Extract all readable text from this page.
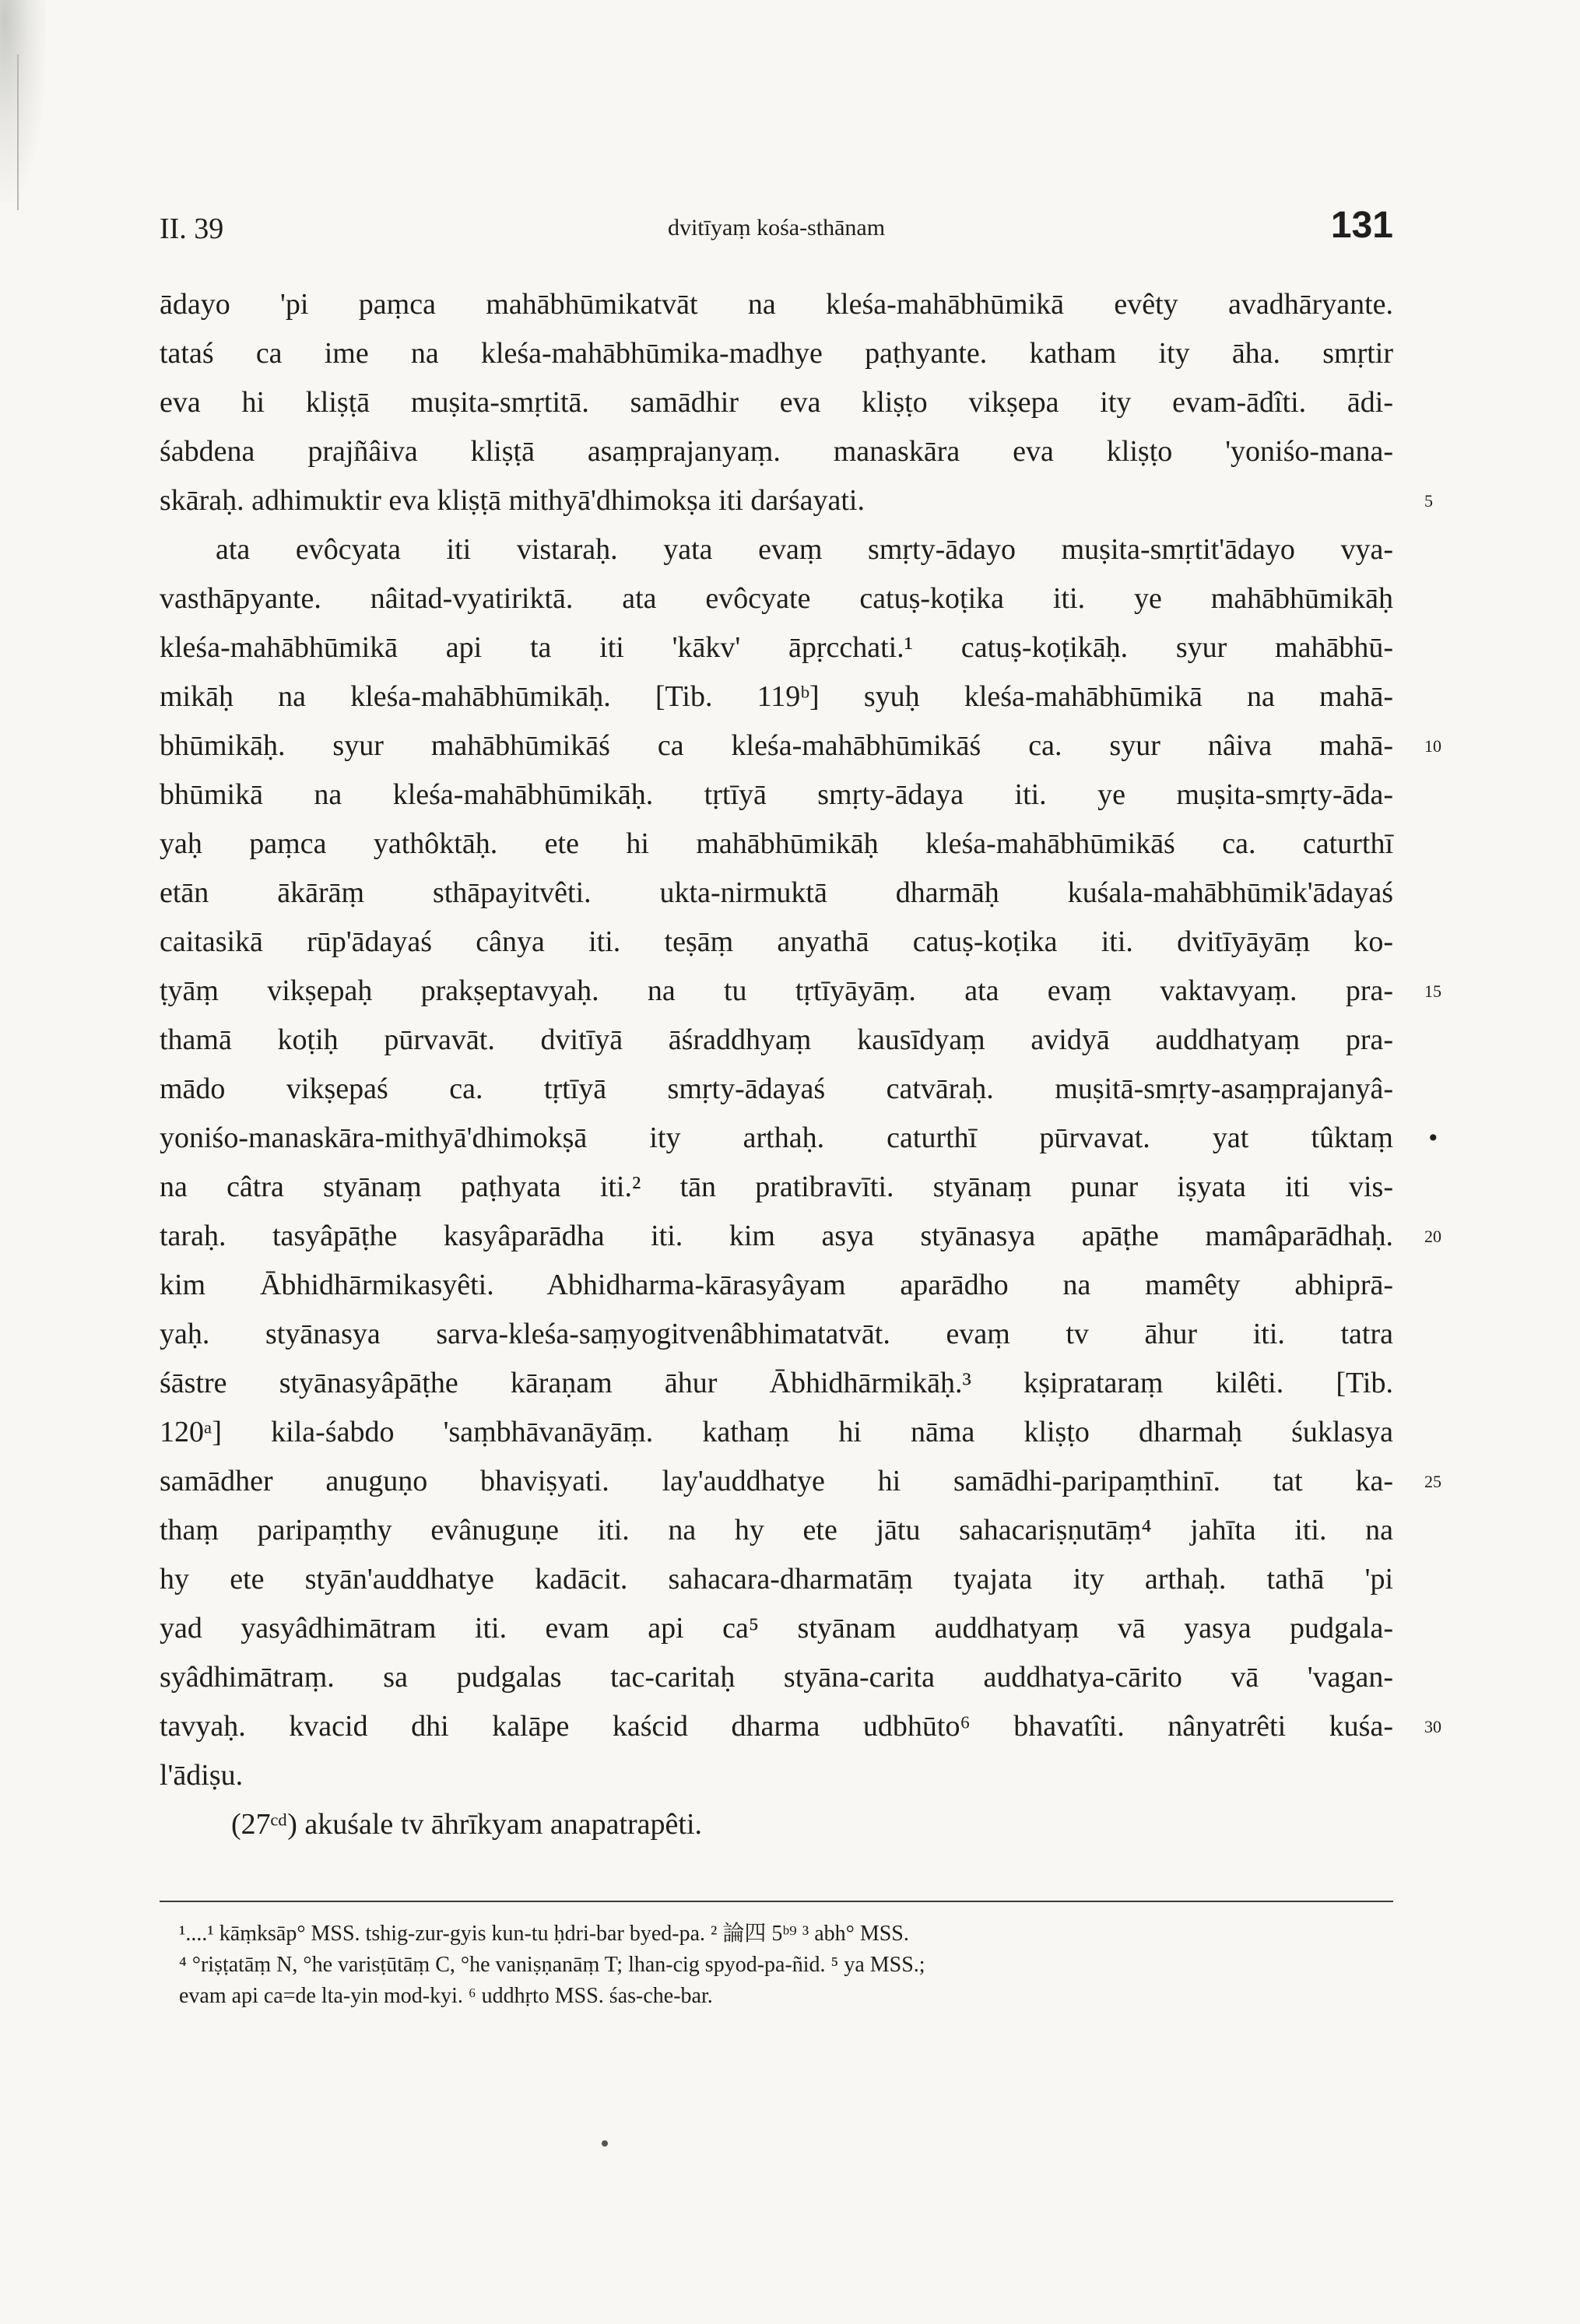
II. 39	dvitīyaṃ kośa-sthānam	131
ādayo 'pi paṃca mahābhūmikatvāt na kleśa-mahābhūmikā evêty avadhāryante.
tataś ca ime na kleśa-mahābhūmika-madhye paṭhyante. katham ity āha. smṛtir
eva hi kliṣṭā muṣita-smṛtitā. samādhir eva kliṣṭo vikṣepa ity evam-ādîti. ādi-
śabdena prajñâiva kliṣṭā asaṃprajanyaṃ. manaskāra eva kliṣṭo 'yoniśo-mana-
skāraḥ. adhimuktir eva kliṣṭā mithyā'dhimokṣa iti darśayati.
ata evôcyata iti vistaraḥ. yata evaṃ smṛty-ādayo muṣita-smṛtit'ādayo vya-
vasthāpyante. nâitad-vyatiriktā. ata evôcyate catuṣ-koṭika iti. ye mahābhūmikāḥ
kleśa-mahābhūmikā api ta iti 'kākv' āpṛcchati.¹ catuṣ-koṭikāḥ. syur mahābhū-
mikāḥ na kleśa-mahābhūmikāḥ. [Tib. 119ᵇ] syuḥ kleśa-mahābhūmikā na mahā-
bhūmikāḥ. syur mahābhūmikāś ca kleśa-mahābhūmikāś ca. syur nâiva mahā-
bhūmikā na kleśa-mahābhūmikāḥ. tṛtīyā smṛty-ādaya iti. ye muṣita-smṛty-āda-
yaḥ paṃca yathôktāḥ. ete hi mahābhūmikāḥ kleśa-mahābhūmikāś ca. caturthī
etān ākārāṃ sthāpayitvêti. ukta-nirmuktā dharmāḥ kuśala-mahābhūmik'ādayaś
caitasikā rūp'ādayaś cânya iti. teṣāṃ anyathā catuṣ-koṭika iti. dvitīyāyāṃ ko-
ṭyāṃ vikṣepaḥ prakṣeptavyaḥ. na tu tṛtīyāyāṃ. ata evaṃ vaktavyaṃ. pra-
thamā koṭiḥ pūrvavāt. dvitīyā āśraddhyaṃ kausīdyaṃ avidyā auddhatyaṃ pra-
mādo vikṣepaś ca. tṛtīyā smṛty-ādayaś catvāraḥ. muṣitā-smṛty-asaṃprajanyâ-
yoniśo-manaskāra-mithyā'dhimokṣā ity arthaḥ. caturthī pūrvavat. yat tûktaṃ
na câtra styānaṃ paṭhyata iti.² tān pratibravīti. styānaṃ punar iṣyata iti vis-
taraḥ. tasyâpāṭhe kasyâparādha iti. kim asya styānasya apāṭhe mamâparādhaḥ.
kim Ābhidhārmikasyêti. Abhidharma-kārasyâyam aparādho na mamêty abhiprā-
yaḥ. styānasya sarva-kleśa-saṃyogitvenâbhimatatvāt. evaṃ tv āhur iti. tatra
śāstre styānasyâpāṭhe kāraṇam āhur Ābhidhārmikāḥ.³ kṣiprataraṃ kilêti. [Tib.
120ᵃ] kila-śabdo 'saṃbhāvanāyāṃ. kathaṃ hi nāma kliṣṭo dharmaḥ śuklasya
samādher anuguṇo bhaviṣyati. lay'auddhatye hi samādhi-paripaṃthinī. tat ka-
thaṃ paripaṃthy evânuguṇe iti. na hy ete jātu sahacariṣṇutāṃ⁴ jahīta iti. na
hy ete styān'auddhatye kadācit. sahacara-dharmatāṃ tyajata ity arthaḥ. tathā 'pi
yad yasyâdhimātram iti. evam api ca⁵ styānam auddhatyaṃ vā yasya pudgala-
syâdhimātraṃ. sa pudgalas tac-caritaḥ styāna-carita auddhatya-cārito vā 'vagan-
tavyaḥ. kvacid dhi kalāpe kaścid dharma udbhūto⁶ bhavatîti. nânyatrêti kuśa-
l'ādiṣu.
(27ᶜᵈ) akuśale tv āhrīkyam anapatrapêti.
5
10
15
20
25
30
•
¹....¹ kāṃksāp° MSS. tshig-zur-gyis kun-tu ḥdri-bar byed-pa. ² 論四 5ᵇ⁹ ³ abh° MSS.
⁴ °riṣṭatāṃ N, °he varisṭūtāṃ C, °he vaniṣṇanāṃ T; lhan-cig spyod-pa-ñid. ⁵ ya MSS.;
evam api ca=de lta-yin mod-kyi. ⁶ uddhṛto MSS. śas-che-bar.
